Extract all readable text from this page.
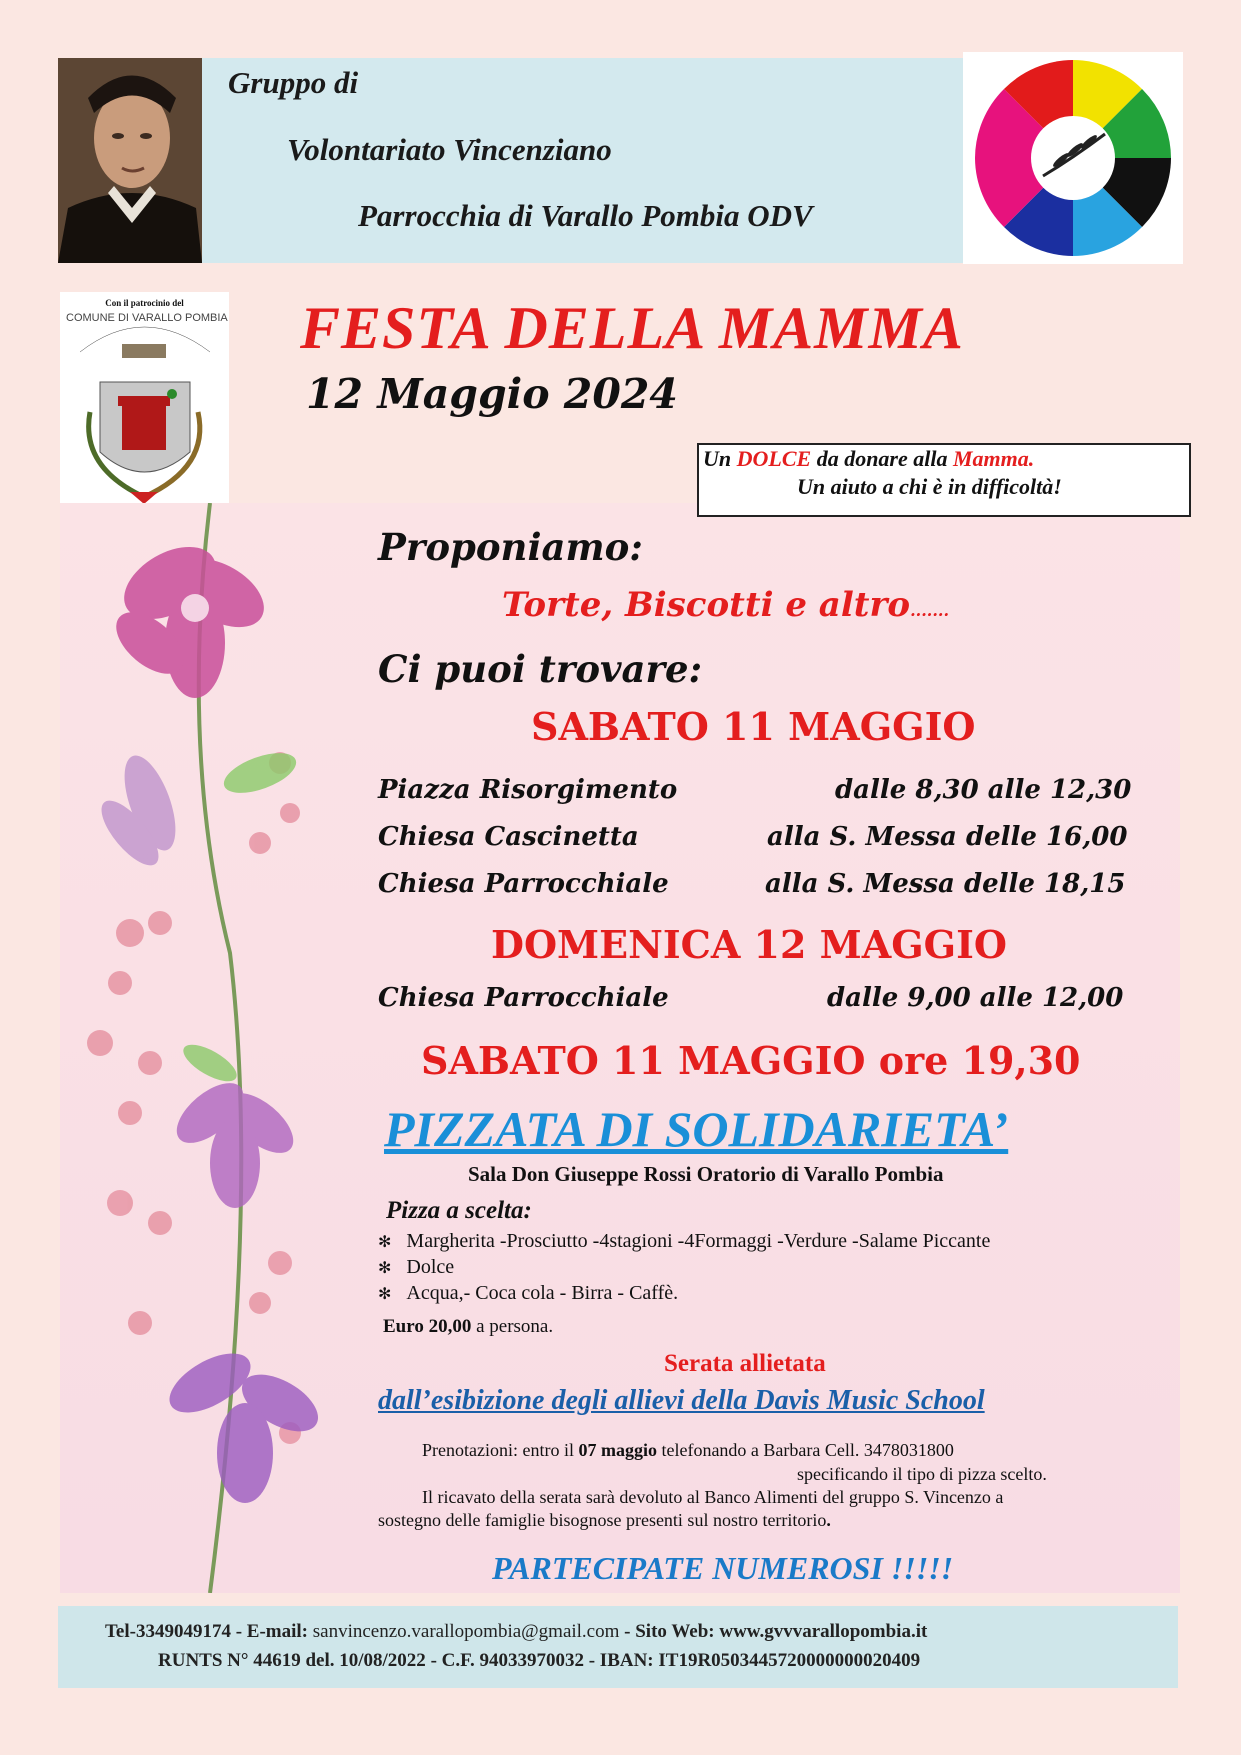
Gruppo di
Volontariato Vincenziano
Parrocchia di Varallo Pombia ODV
Con il patrocinio del
COMUNE DI VARALLO POMBIA FESTA DELLA MAMMA
12 Maggio 2024
Un DOLCE da donare alla Mamma.
Un aiuto a chi è in difficoltà!
Proponiamo:
Torte, Biscotti e altro.......
Ci puoi trovare:
SABATO 11 MAGGIO
Piazza Risorgimento	dalle 8,30 alle 12,30
Chiesa Cascinetta	alla S. Messa delle 16,00
Chiesa Parrocchiale	alla S. Messa delle 18,15
DOMENICA 12 MAGGIO
Chiesa Parrocchiale	dalle 9,00 alle 12,00
SABATO 11 MAGGIO ore 19,30
PIZZATA DI SOLIDARIETA’
Sala Don Giuseppe Rossi Oratorio di Varallo Pombia
Pizza a scelta:
✻ Margherita -Prosciutto -4stagioni -4Formaggi -Verdure -Salame Piccante
✻ Dolce
✻ Acqua,- Coca cola - Birra - Caffè.
Euro 20,00 a persona.
Serata allietata
dall’esibizione degli allievi della Davis Music School
Prenotazioni: entro il 07 maggio telefonando a Barbara Cell. 3478031800
specificando il tipo di pizza scelto.
Il ricavato della serata sarà devoluto al Banco Alimenti del gruppo S. Vincenzo a
sostegno delle famiglie bisognose presenti sul nostro territorio.
PARTECIPATE NUMEROSI !!!!!
Tel-3349049174 - E-mail: sanvincenzo.varallopombia@gmail.com - Sito Web: www.gvvvarallopombia.it
RUNTS N° 44619 del. 10/08/2022 - C.F. 94033970032 - IBAN: IT19R0503445720000000020409
